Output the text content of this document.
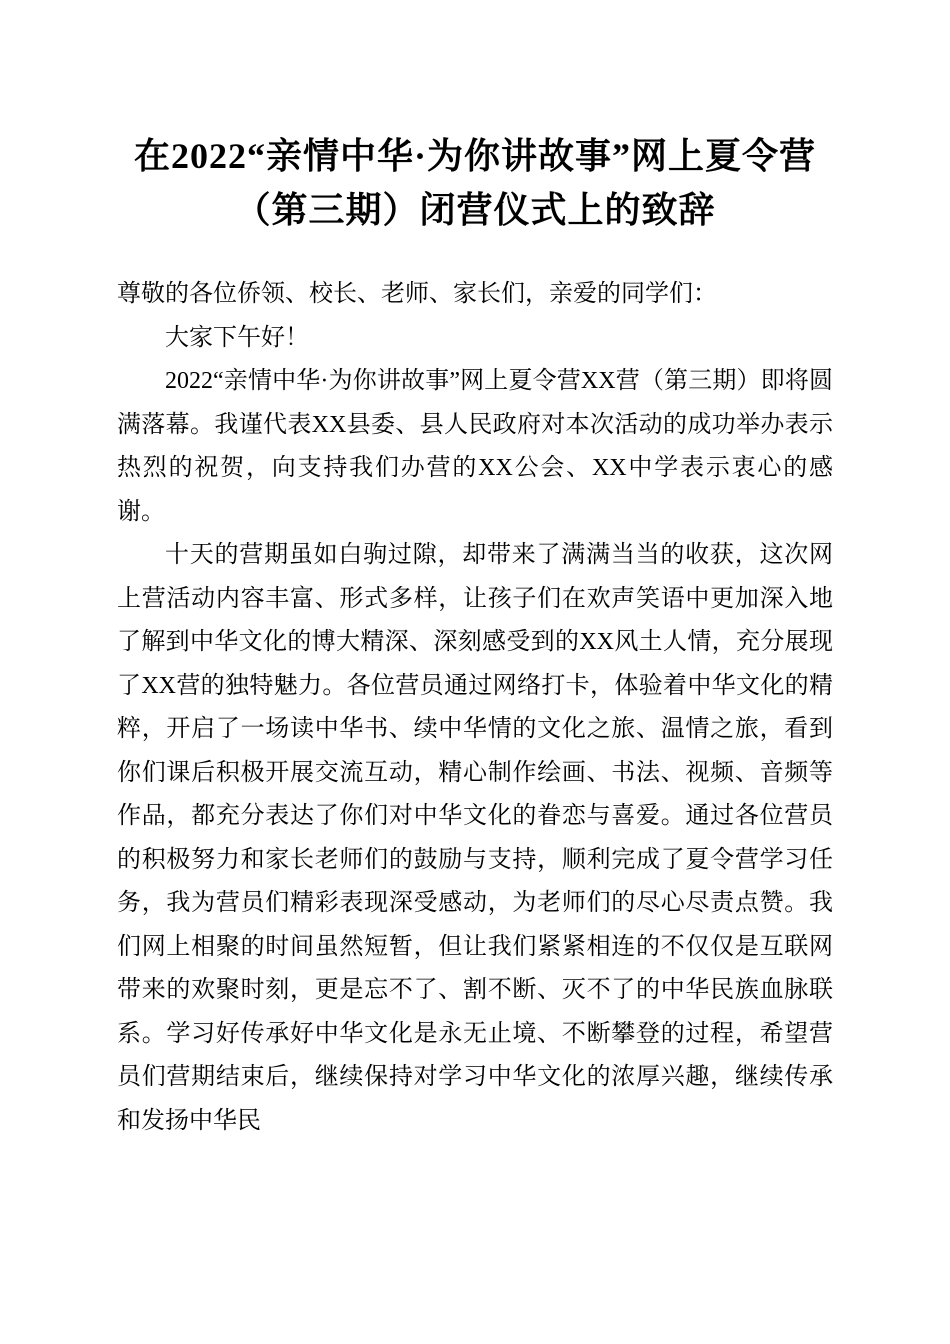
在2022“亲情中华·为你讲故事”网上夏令营（第三期）闭营仪式上的致辞

尊敬的各位侨领、校长、老师、家长们，亲爱的同学们：

大家下午好！

2022“亲情中华·为你讲故事”网上夏令营XX营（第三期）即将圆满落幕。我谨代表XX县委、县人民政府对本次活动的成功举办表示热烈的祝贺，向支持我们办营的XX公会、XX中学表示衷心的感谢。

十天的营期虽如白驹过隙，却带来了满满当当的收获，这次网上营活动内容丰富、形式多样，让孩子们在欢声笑语中更加深入地了解到中华文化的博大精深、深刻感受到的XX风土人情，充分展现了XX营的独特魅力。各位营员通过网络打卡，体验着中华文化的精粹，开启了一场读中华书、续中华情的文化之旅、温情之旅，看到你们课后积极开展交流互动，精心制作绘画、书法、视频、音频等作品，都充分表达了你们对中华文化的眷恋与喜爱。通过各位营员的积极努力和家长老师们的鼓励与支持，顺利完成了夏令营学习任务，我为营员们精彩表现深受感动，为老师们的尽心尽责点赞。我们网上相聚的时间虽然短暂，但让我们紧紧相连的不仅仅是互联网带来的欢聚时刻，更是忘不了、割不断、灭不了的中华民族血脉联系。学习好传承好中华文化是永无止境、不断攀登的过程，希望营员们营期结束后，继续保持对学习中华文化的浓厚兴趣，继续传承和发扬中华民
